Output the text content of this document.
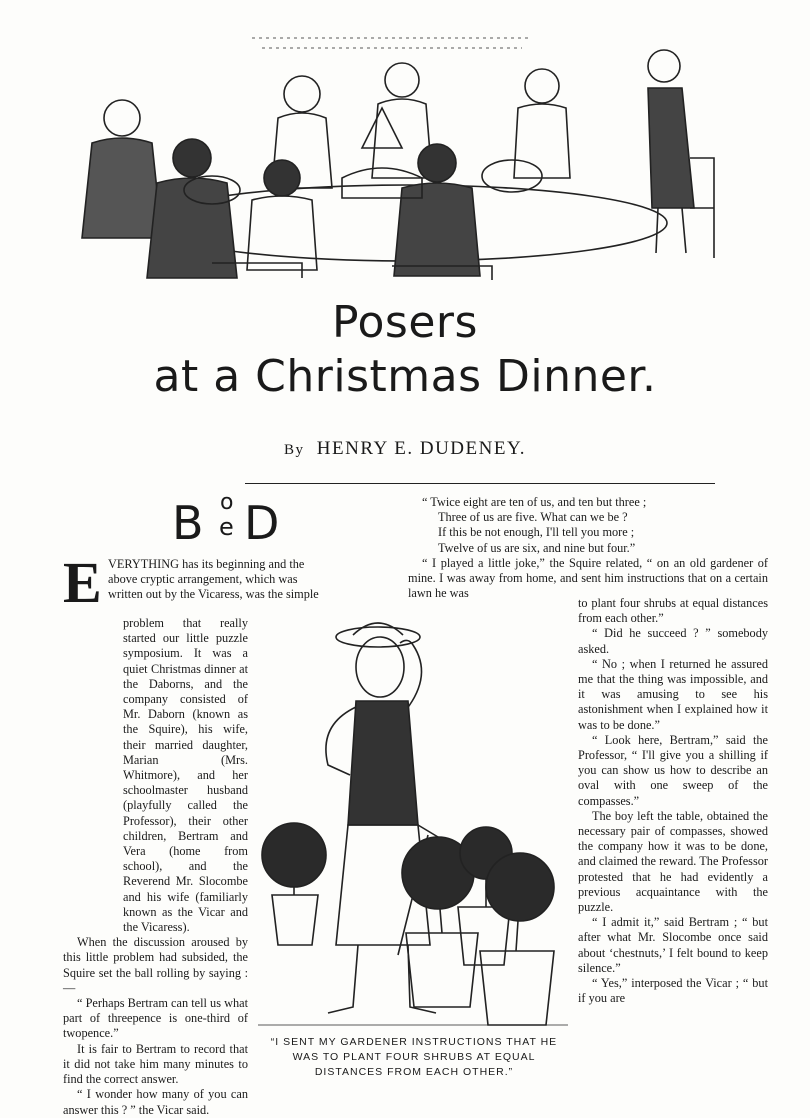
Posers
at a Christmas Dinner.
By HENRY E. DUDENEY.
B o
e D
E VERYTHING has its beginning and the

above cryptic arrangement, which was

written out by the Vicaress, was the simple

problem that really started our little puzzle symposium. It was a quiet Christmas dinner at the Daborns, and the company consisted of Mr. Daborn (known as the Squire), his wife, their married daughter, Marian (Mrs. Whitmore), and her schoolmaster husband (playfully called the Professor), their other children, Bertram and Vera (home from school), and the Reverend Mr. Slocombe and his wife (familiarly known as the Vicar and the Vicaress).

When the discussion aroused by this little problem had subsided, the Squire set the ball rolling by saying :—

“ Perhaps Bertram can tell us what part of threepence is one-third of twopence.”

It is fair to Bertram to record that it did not take him many minutes to find the correct answer.

“ I wonder how many of you can answer this ? ” the Vicar said.

“ Twice eight are ten of us, and ten but three ;

Three of us are five. What can we be ?

If this be not enough, I'll tell you more ;

Twelve of us are six, and nine but four.”

“ I played a little joke,” the Squire related, “ on an old gardener of mine. I was away from home, and sent him instructions that on a certain lawn he was

to plant four shrubs at equal distances from each other.”

“ Did he succeed ? ” somebody asked.

“ No ; when I returned he assured me that the thing was impossible, and it was amusing to see his astonishment when I explained how it was to be done.”

“ Look here, Bertram,” said the Professor, “ I'll give you a shilling if you can show us how to describe an oval with one sweep of the compasses.”

The boy left the table, obtained the necessary pair of compasses, showed the company how it was to be done, and claimed the reward. The Professor protested that he had evidently a previous acquaintance with the puzzle.

“ I admit it,” said Bertram ; “ but after what Mr. Slocombe once said about ‘chestnuts,’ I felt bound to keep silence.”

“ Yes,” interposed the Vicar ; “ but if you are

“I SENT MY GARDENER INSTRUCTIONS THAT HE WAS TO PLANT FOUR SHRUBS AT EQUAL DISTANCES FROM EACH OTHER.”
